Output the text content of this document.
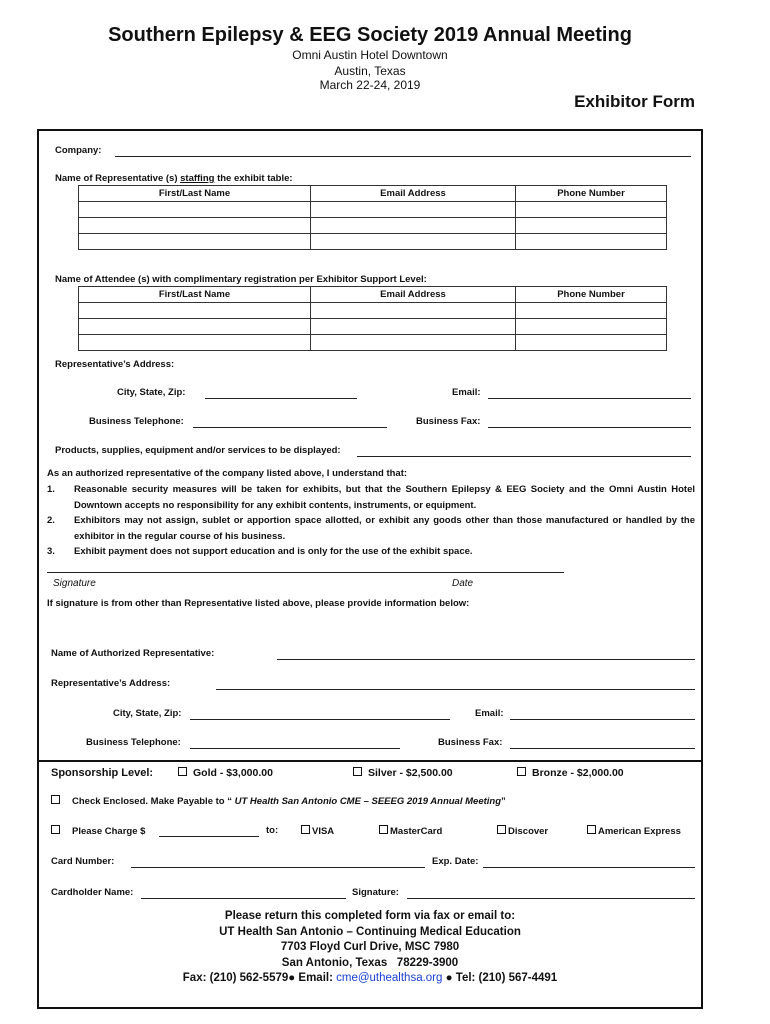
Southern Epilepsy & EEG Society 2019 Annual Meeting
Omni Austin Hotel Downtown
Austin, Texas
March 22-24, 2019
Exhibitor Form
Company:
Name of Representative (s) staffing the exhibit table:
First/Last Name	Email Address	Phone Number

Name of Attendee (s) with complimentary registration per Exhibitor Support Level:
First/Last Name	Email Address	Phone Number

Representative’s Address:
City, State, Zip:	Email:
Business Telephone:	Business Fax:
Products, supplies, equipment and/or services to be displayed:
As an authorized representative of the company listed above, I understand that:
1.	Reasonable security measures will be taken for exhibits, but that the Southern Epilepsy & EEG Society and the Omni Austin Hotel
Downtown accepts no responsibility for any exhibit contents, instruments, or equipment.
2.	Exhibitors may not assign, sublet or apportion space allotted, or exhibit any goods other than those manufactured or handled by the
exhibitor in the regular course of his business.
3.	Exhibit payment does not support education and is only for the use of the exhibit space.
Signature	Date
If signature is from other than Representative listed above, please provide information below:
Name of Authorized Representative:
Representative’s Address:
City, State, Zip:	Email:
Business Telephone:	Business Fax:
Sponsorship Level:	Gold - $3,000.00	Silver - $2,500.00	Bronze - $2,000.00
Check Enclosed. Make Payable to “ UT Health San Antonio CME – SEEEG 2019 Annual Meeting”
Please Charge $	to:	VISA	MasterCard	Discover	American Express
Card Number:	Exp. Date:
Cardholder Name:	Signature:
Please return this completed form via fax or email to:
UT Health San Antonio – Continuing Medical Education
7703 Floyd Curl Drive, MSC 7980
San Antonio, Texas   78229-3900
Fax: (210) 562-5579● Email: cme@uthealthsa.org ● Tel: (210) 567-4491
